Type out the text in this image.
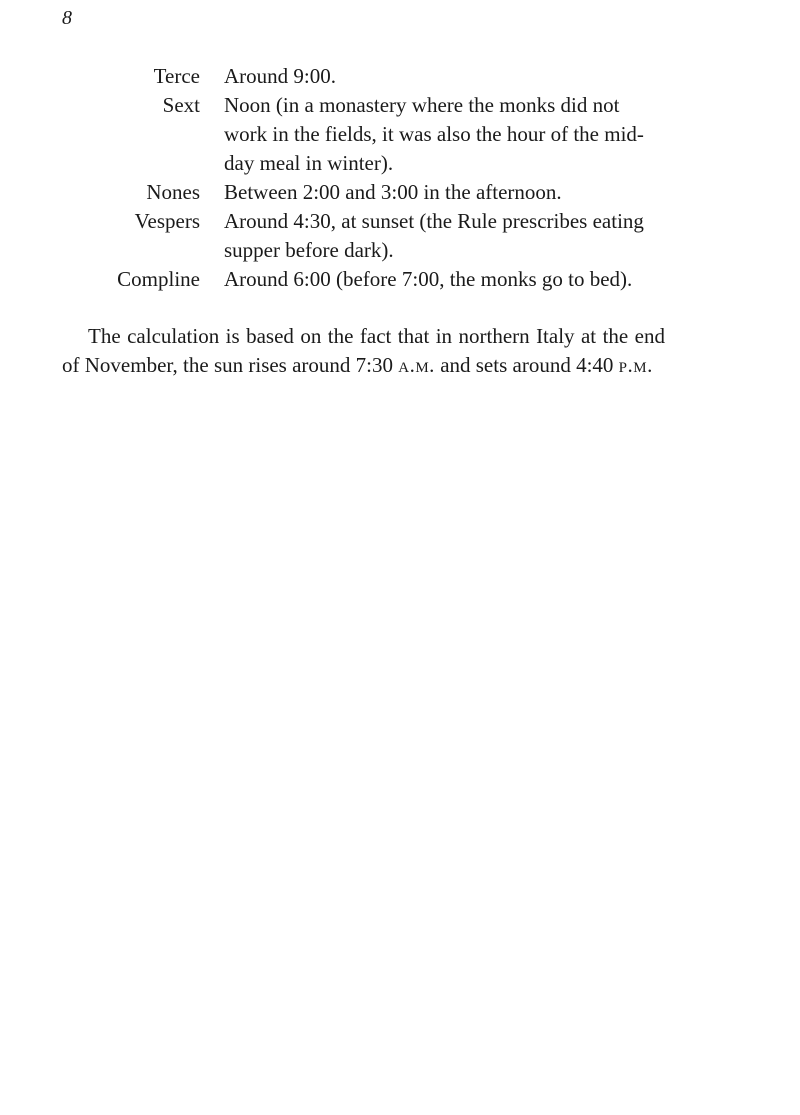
8
Terce	Around 9:00.
Sext	Noon (in a monastery where the monks did not work in the fields, it was also the hour of the mid-day meal in winter).
Nones	Between 2:00 and 3:00 in the afternoon.
Vespers	Around 4:30, at sunset (the Rule prescribes eating supper before dark).
Compline	Around 6:00 (before 7:00, the monks go to bed).

The calculation is based on the fact that in northern Italy at the end of November, the sun rises around 7:30 a.m. and sets around 4:40 p.m.
